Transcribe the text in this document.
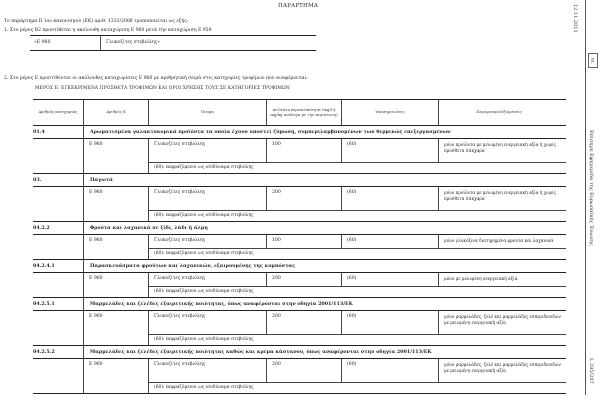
ΠΑΡΑΡΤΗΜΑ
Το παράρτημα II του κανονισμού (ΕΚ) αριθ. 1333/2008 τροποποιείται ως εξής:
1. Στο μέρος Β2 προστίθεται η ακόλουθη καταχώριση Ε 960 μετά την καταχώριση Ε 959
«Ε 960	Γλυκοζίτες στεβιόλης»
2. Στο μέρος Ε προστίθενται οι ακόλουθες καταχωρίσεις Ε 960 με αριθμητική σειρά στις κατηγορίες τροφίμων που αναφέρονται:
ΜΕΡΟΣ Ε: ΕΓΚΕΚΡΙΜΕΝΑ ΠΡΟΣΘΕΤΑ ΤΡΟΦΙΜΩΝ ΚΑΙ ΟΡΟΙ ΧΡΗΣΗΣ ΤΟΥΣ ΣΕ ΚΑΤΗΓΟΡΙΕΣ ΤΡΟΦΙΜΩΝ
Αριθμός κατηγορίας	Αριθμός Ε	Όνομα	Ανώτατη περιεκτικότητα (mg/l ή mg/kg ανάλογα με την περίπτωση)	Υποσημειώσεις	Περιορισμοί/εξαιρέσεις
01.4	Αρωματισμένα γαλακτοκομικά προϊόντα τα οποία έχουν υποστεί ζύμωση, συμπεριλαμβανομένων των θερμικώς επεξεργασμένων
Ε 960	Γλυκοζίτες στεβιόλης	100	(60)	μόνο προϊόντα με μειωμένη ενεργειακή αξία ή χωρίς πρόσθετα σάκχαρα
(60): εκφραζόμενοι ως ισοδύναμα στεβιόλης
03.	Παγωτά
Ε 960	Γλυκοζίτες στεβιόλης	200	(60)	μόνο προϊόντα με μειωμένη ενεργειακή αξία ή χωρίς πρόσθετα σάκχαρα
(60): εκφραζόμενοι ως ισοδύναμα στεβιόλης
04.2.2	Φρούτα και λαχανικά σε ξίδι, λάδι ή άλμη
Ε 960	Γλυκοζίτες στεβιόλης	100	(60)	μόνο γλυκόξινα διατηρημένα φρούτα και λαχανικά
(60): εκφραζόμενοι ως ισοδύναμα στεβιόλης
04.2.4.1	Παρασκευάσματα φρούτων και λαχανικών, εξαιρουμένης της κομπόστας
Ε 960	Γλυκοζίτες στεβιόλης	200	(60)	μόνο με μειωμένη ενεργειακή αξία
(60): εκφραζόμενοι ως ισοδύναμα στεβιόλης
04.2.5.1	Μαρμελάδες και ζελέδες εξαιρετικής ποιότητας, όπως αναφέρονται στην οδηγία 2001/113/ΕΚ
Ε 960	Γλυκοζίτες στεβιόλης	200	(60)	μόνο μαρμελάδες, ζελέ και μαρμελάδες εσπεριδοειδών με μειωμένη ενεργειακή αξία
(60): εκφραζόμενοι ως ισοδύναμα στεβιόλης
04.2.5.2	Μαρμελάδες και ζελέδες εξαιρετικής ποιότητας καθώς και κρέμα κάστανου, όπως αναφέρονται στην οδηγία 2001/113/ΕΚ
Ε 960	Γλυκοζίτες στεβιόλης	200	(60)	μόνο μαρμελάδες, ζελέ και μαρμελάδες εσπεριδοειδών με μειωμένη ενεργειακή αξία
(60): εκφραζόμενοι ως ισοδύναμα στεβιόλης
12.11.2011
EL
Επίσημη Εφημερίδα της Ευρωπαϊκής Ένωσης
L 295/207
